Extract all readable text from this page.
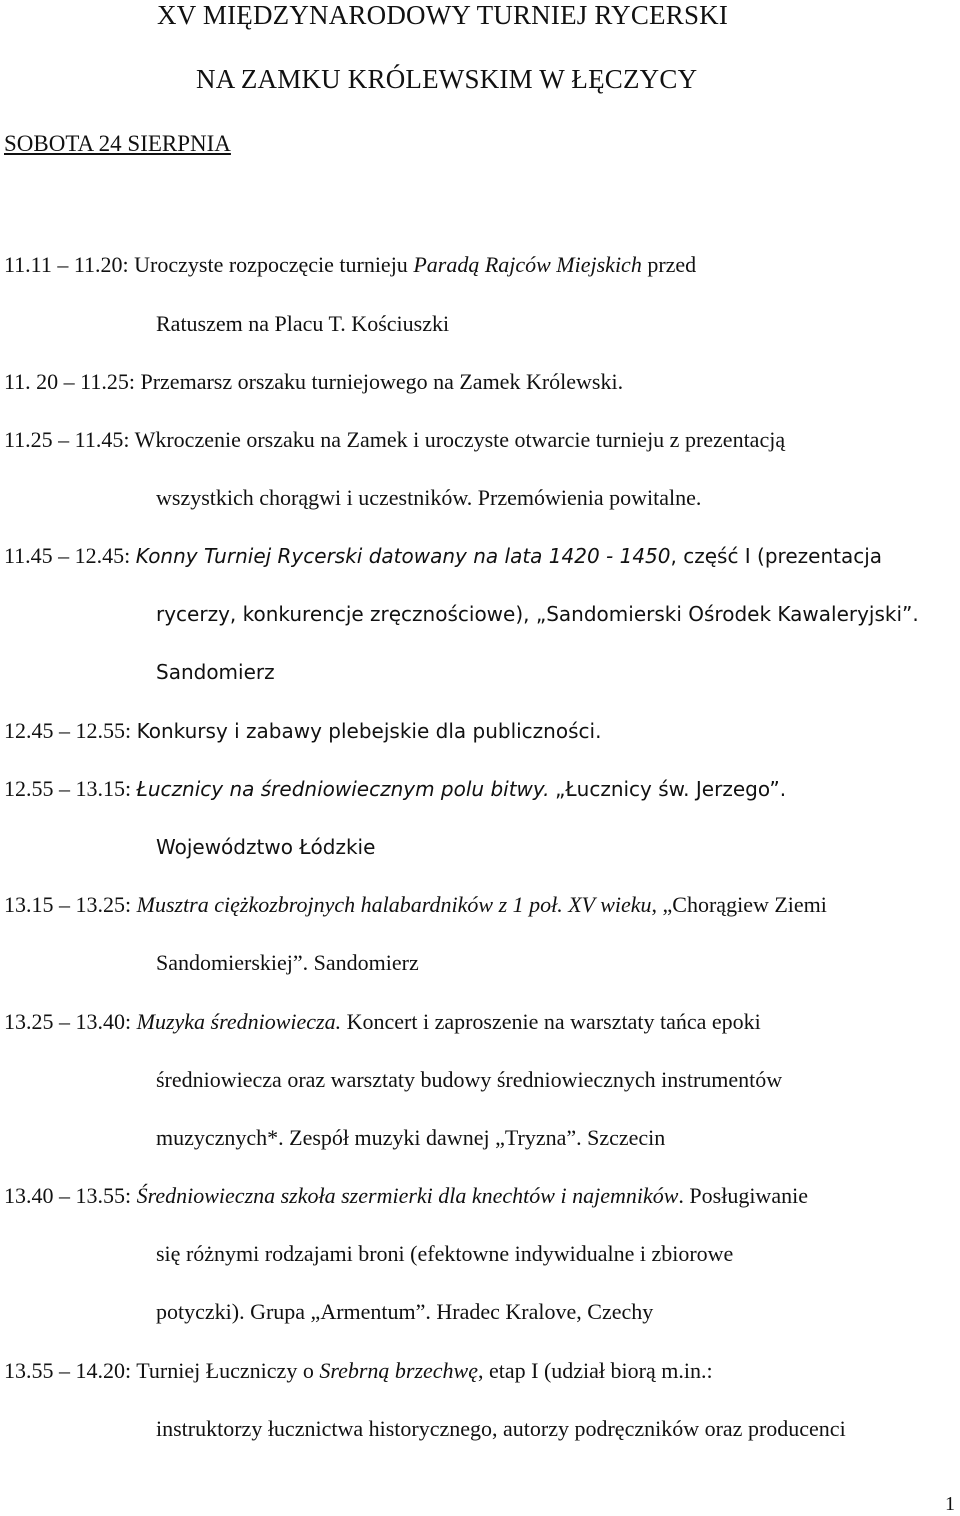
XV MIĘDZYNARODOWY TURNIEJ RYCERSKI
NA ZAMKU KRÓLEWSKIM W ŁĘCZYCY
SOBOTA 24 SIERPNIA
11.11 – 11.20: Uroczyste rozpoczęcie turnieju Paradą Rajców Miejskich przed
Ratuszem na Placu T. Kościuszki
11. 20 – 11.25: Przemarsz orszaku turniejowego na Zamek Królewski.
11.25 – 11.45: Wkroczenie orszaku na Zamek i uroczyste otwarcie turnieju z prezentacją
wszystkich chorągwi i uczestników. Przemówienia powitalne.
11.45 – 12.45: Konny Turniej Rycerski datowany na lata 1420 - 1450, część I (prezentacja
rycerzy, konkurencje zręcznościowe), „Sandomierski Ośrodek Kawaleryjski”.
Sandomierz
12.45 – 12.55: Konkursy i zabawy plebejskie dla publiczności.
12.55 – 13.15: Łucznicy na średniowiecznym polu bitwy. „Łucznicy św. Jerzego”.
Województwo Łódzkie
13.15 – 13.25: Musztra ciężkozbrojnych halabardników z 1 poł. XV wieku, „Chorągiew Ziemi
Sandomierskiej”. Sandomierz
13.25 – 13.40: Muzyka średniowiecza. Koncert i zaproszenie na warsztaty tańca epoki
średniowiecza oraz warsztaty budowy średniowiecznych instrumentów
muzycznych*. Zespół muzyki dawnej „Tryzna”. Szczecin
13.40 – 13.55: Średniowieczna szkoła szermierki dla knechtów i najemników. Posługiwanie
się różnymi rodzajami broni (efektowne indywidualne i zbiorowe
potyczki). Grupa „Armentum”. Hradec Kralove, Czechy
13.55 – 14.20: Turniej Łuczniczy o Srebrną brzechwę, etap I (udział biorą m.in.:
instruktorzy łucznictwa historycznego, autorzy podręczników oraz producenci
1
